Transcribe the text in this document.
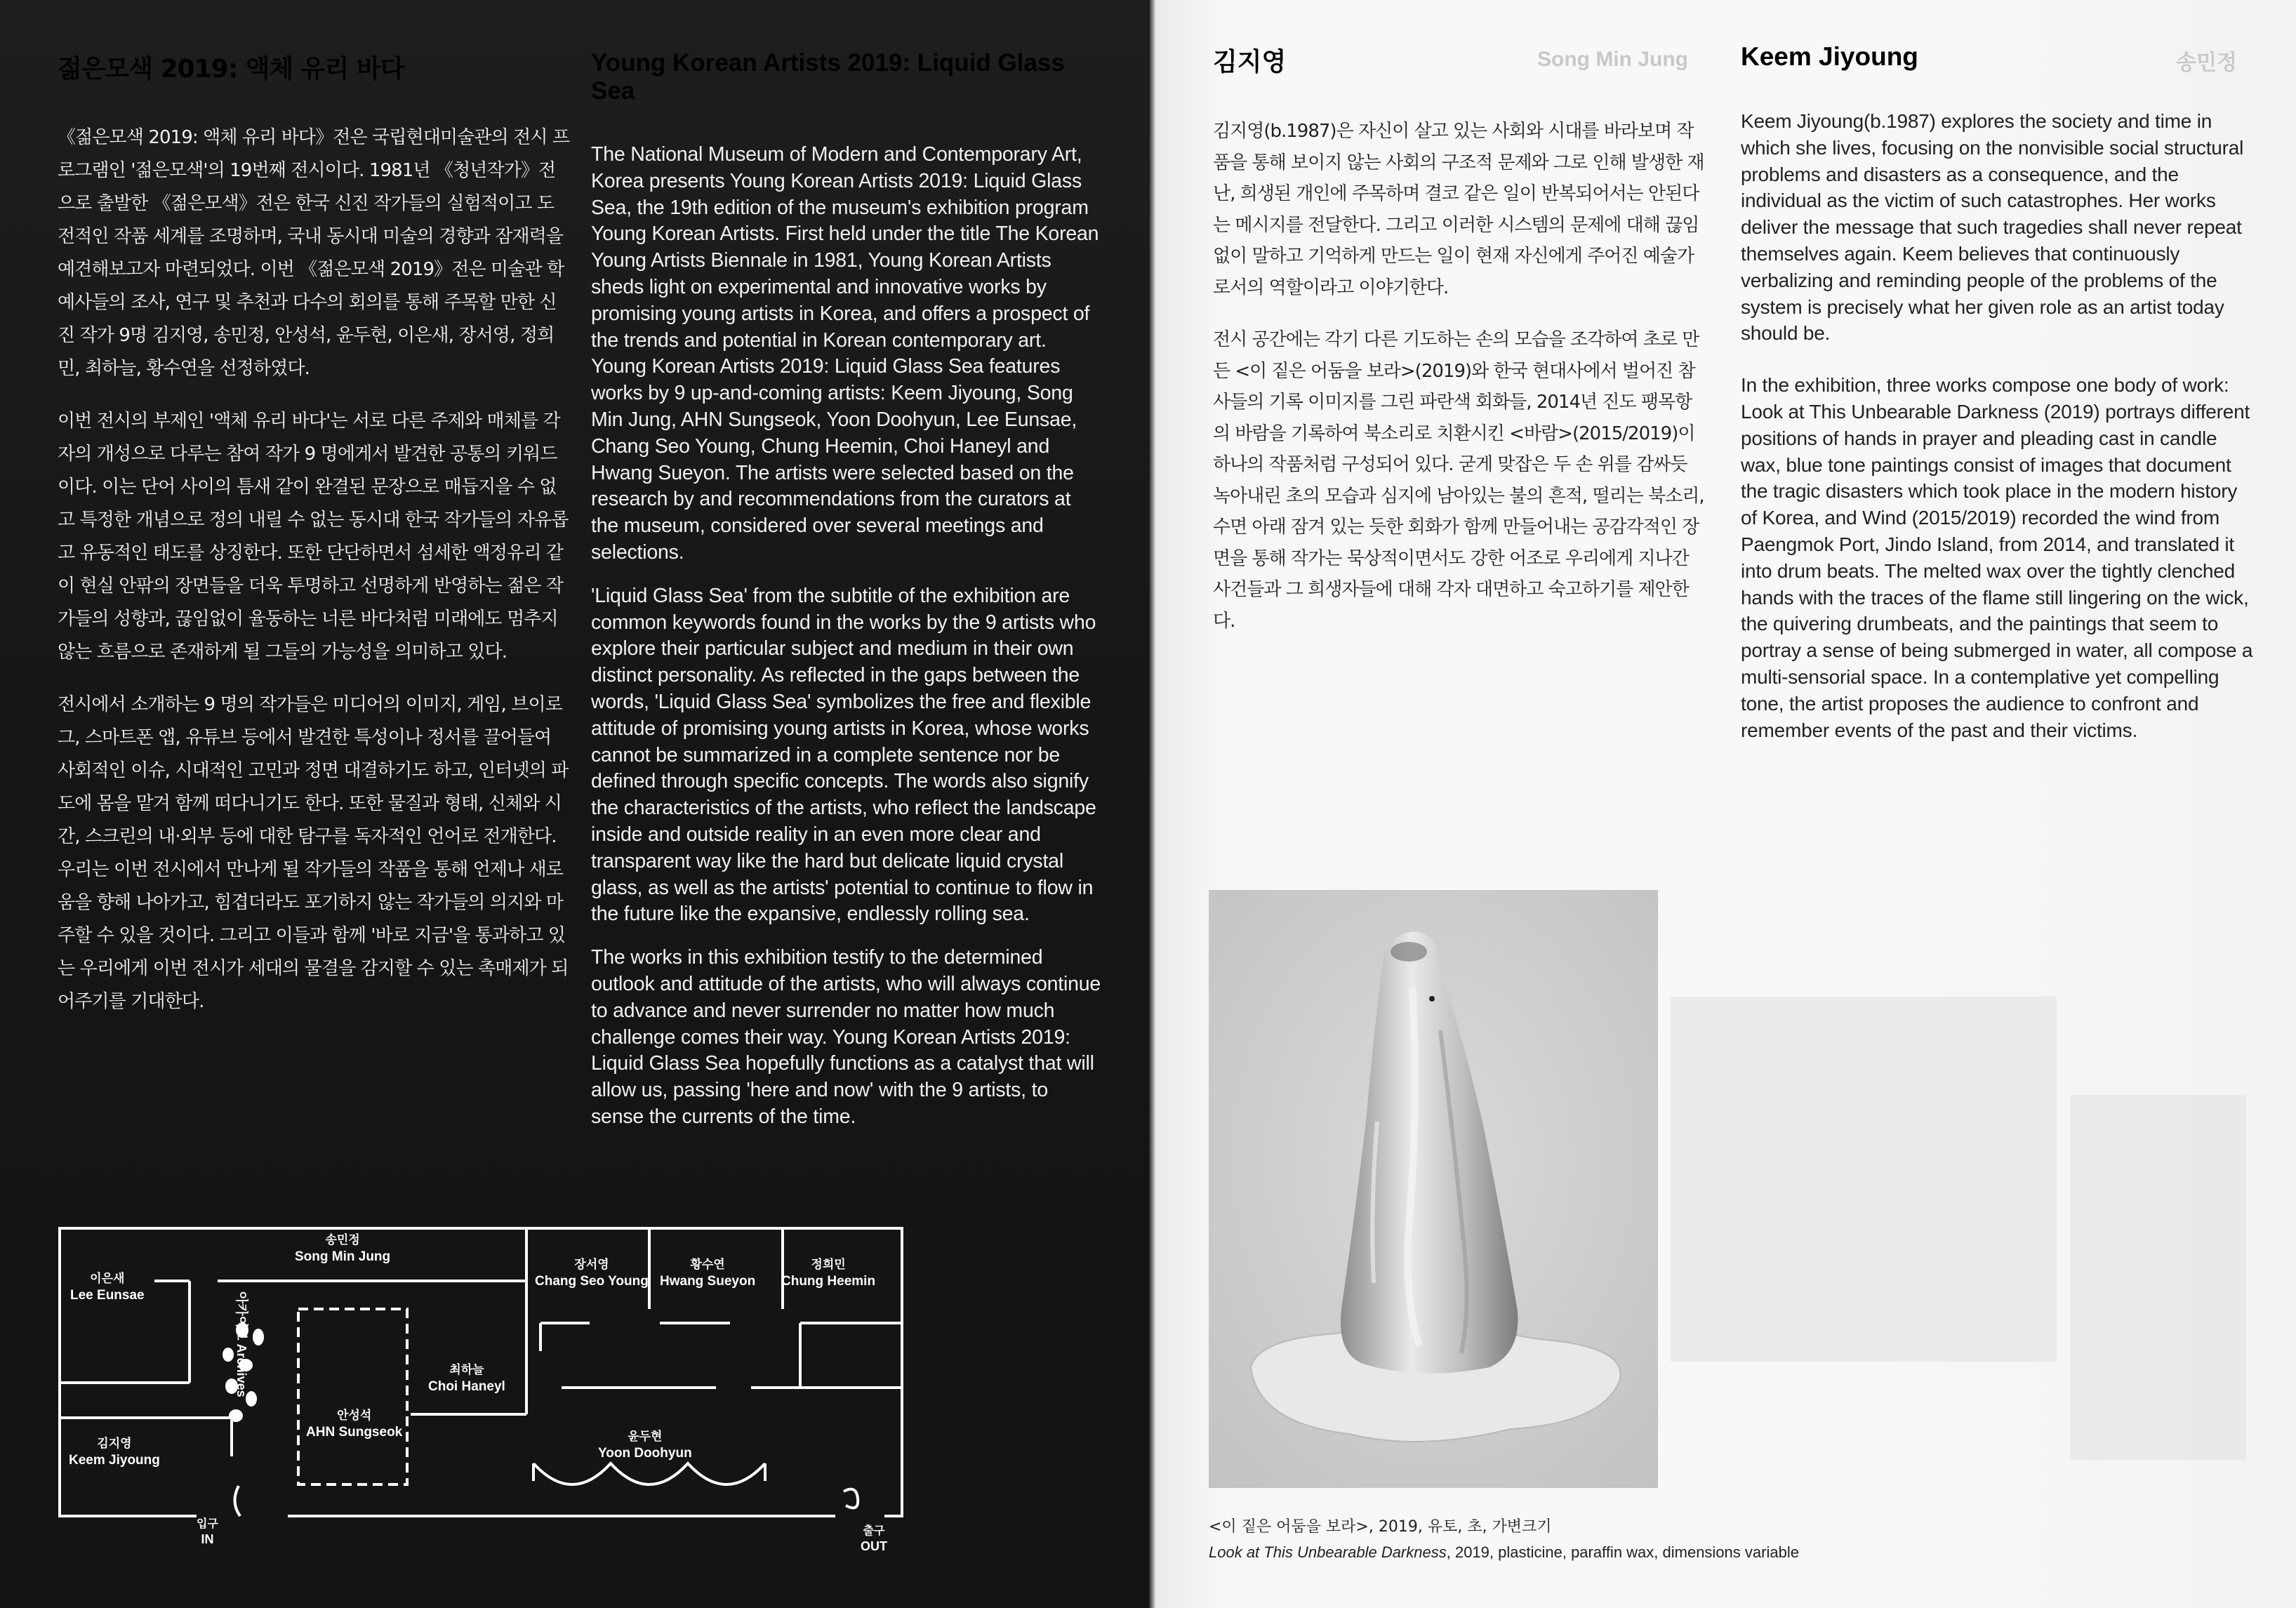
젊은모색 2019: 액체 유리 바다

《젊은모색 2019: 액체 유리 바다》전은 국립현대미술관의 전시 프로그램인 '젊은모색'의 19번째 전시이다. 1981년 《청년작가》전으로 출발한 《젊은모색》전은 한국 신진 작가들의 실험적이고 도전적인 작품 세계를 조명하며, 국내 동시대 미술의 경향과 잠재력을 예견해보고자 마련되었다. 이번 《젊은모색 2019》전은 미술관 학예사들의 조사, 연구 및 추천과 다수의 회의를 통해 주목할 만한 신진 작가 9명 김지영, 송민정, 안성석, 윤두현, 이은새, 장서영, 정희민, 최하늘, 황수연을 선정하였다.

이번 전시의 부제인 '액체 유리 바다'는 서로 다른 주제와 매체를 각자의 개성으로 다루는 참여 작가 9 명에게서 발견한 공통의 키워드이다. 이는 단어 사이의 틈새 같이 완결된 문장으로 매듭지을 수 없고 특정한 개념으로 정의 내릴 수 없는 동시대 한국 작가들의 자유롭고 유동적인 태도를 상징한다. 또한 단단하면서 섬세한 액정유리 같이 현실 안팎의 장면들을 더욱 투명하고 선명하게 반영하는 젊은 작가들의 성향과, 끊임없이 율동하는 너른 바다처럼 미래에도 멈추지 않는 흐름으로 존재하게 될 그들의 가능성을 의미하고 있다.

전시에서 소개하는 9 명의 작가들은 미디어의 이미지, 게임, 브이로그, 스마트폰 앱, 유튜브 등에서 발견한 특성이나 정서를 끌어들여 사회적인 이슈, 시대적인 고민과 정면 대결하기도 하고, 인터넷의 파도에 몸을 맡겨 함께 떠다니기도 한다. 또한 물질과 형태, 신체와 시간, 스크린의 내·외부 등에 대한 탐구를 독자적인 언어로 전개한다. 우리는 이번 전시에서 만나게 될 작가들의 작품을 통해 언제나 새로움을 향해 나아가고, 힘겹더라도 포기하지 않는 작가들의 의지와 마주할 수 있을 것이다. 그리고 이들과 함께 '바로 지금'을 통과하고 있는 우리에게 이번 전시가 세대의 물결을 감지할 수 있는 촉매제가 되어주기를 기대한다.

Young Korean Artists 2019: Liquid Glass Sea

The National Museum of Modern and Contemporary Art, Korea presents Young Korean Artists 2019: Liquid Glass Sea, the 19th edition of the museum's exhibition program Young Korean Artists. First held under the title The Korean Young Artists Biennale in 1981, Young Korean Artists sheds light on experimental and innovative works by promising young artists in Korea, and offers a prospect of the trends and potential in Korean contemporary art. Young Korean Artists 2019: Liquid Glass Sea features works by 9 up-and-coming artists: Keem Jiyoung, Song Min Jung, AHN Sungseok, Yoon Doohyun, Lee Eunsae, Chang Seo Young, Chung Heemin, Choi Haneyl and Hwang Sueyon. The artists were selected based on the research by and recommendations from the curators at the museum, considered over several meetings and selections.

'Liquid Glass Sea' from the subtitle of the exhibition are common keywords found in the works by the 9 artists who explore their particular subject and medium in their own distinct personality. As reflected in the gaps between the words, 'Liquid Glass Sea' symbolizes the free and flexible attitude of promising young artists in Korea, whose works cannot be summarized in a complete sentence nor be defined through specific concepts. The words also signify the characteristics of the artists, who reflect the landscape inside and outside reality in an even more clear and transparent way like the hard but delicate liquid crystal glass, as well as the artists' potential to continue to flow in the future like the expansive, endlessly rolling sea.

The works in this exhibition testify to the determined outlook and attitude of the artists, who will always continue to advance and never surrender no matter how much challenge comes their way. Young Korean Artists 2019: Liquid Glass Sea hopefully functions as a catalyst that will allow us, passing 'here and now' with the 9 artists, to sense the currents of the time.

이은새
Lee Eunsae
송민정
Song Min Jung
장서영
Chang Seo Young
황수연
Hwang Sueyon
정희민
Chung Heemin
최하늘
Choi Haneyl
안성석
AHN Sungseok	윤두현
Yoon Doohyun
김지영
Keem Jiyoung
아카이브 Archives
입구
IN
출구
OUT
Song Min Jung	송민정
김지영

김지영(b.1987)은 자신이 살고 있는 사회와 시대를 바라보며 작품을 통해 보이지 않는 사회의 구조적 문제와 그로 인해 발생한 재난, 희생된 개인에 주목하며 결코 같은 일이 반복되어서는 안된다는 메시지를 전달한다. 그리고 이러한 시스템의 문제에 대해 끊임없이 말하고 기억하게 만드는 일이 현재 자신에게 주어진 예술가로서의 역할이라고 이야기한다.

전시 공간에는 각기 다른 기도하는 손의 모습을 조각하여 초로 만든 <이 짙은 어둠을 보라>(2019)와 한국 현대사에서 벌어진 참사들의 기록 이미지를 그린 파란색 회화들, 2014년 진도 팽목항의 바람을 기록하여 북소리로 치환시킨 <바람>(2015/2019)이 하나의 작품처럼 구성되어 있다. 굳게 맞잡은 두 손 위를 감싸듯 녹아내린 초의 모습과 심지에 남아있는 불의 흔적, 떨리는 북소리, 수면 아래 잠겨 있는 듯한 회화가 함께 만들어내는 공감각적인 장면을 통해 작가는 묵상적이면서도 강한 어조로 우리에게 지나간 사건들과 그 희생자들에 대해 각자 대면하고 숙고하기를 제안한다.

Keem Jiyoung

Keem Jiyoung(b.1987) explores the society and time in which she lives, focusing on the nonvisible social structural problems and disasters as a consequence, and the individual as the victim of such catastrophes. Her works deliver the message that such tragedies shall never repeat themselves again. Keem believes that continuously verbalizing and reminding people of the problems of the system is precisely what her given role as an artist today should be.

In the exhibition, three works compose one body of work: Look at This Unbearable Darkness (2019) portrays different positions of hands in prayer and pleading cast in candle wax, blue tone paintings consist of images that document the tragic disasters which took place in the modern history of Korea, and Wind (2015/2019) recorded the wind from Paengmok Port, Jindo Island, from 2014, and translated it into drum beats. The melted wax over the tightly clenched hands with the traces of the flame still lingering on the wick, the quivering drumbeats, and the paintings that seem to portray a sense of being submerged in water, all compose a multi-sensorial space. In a contemplative yet compelling tone, the artist proposes the audience to confront and remember events of the past and their victims.

<이 짙은 어둠을 보라>, 2019, 유토, 초, 가변크기
Look at This Unbearable Darkness, 2019, plasticine, paraffin wax, dimensions variable
